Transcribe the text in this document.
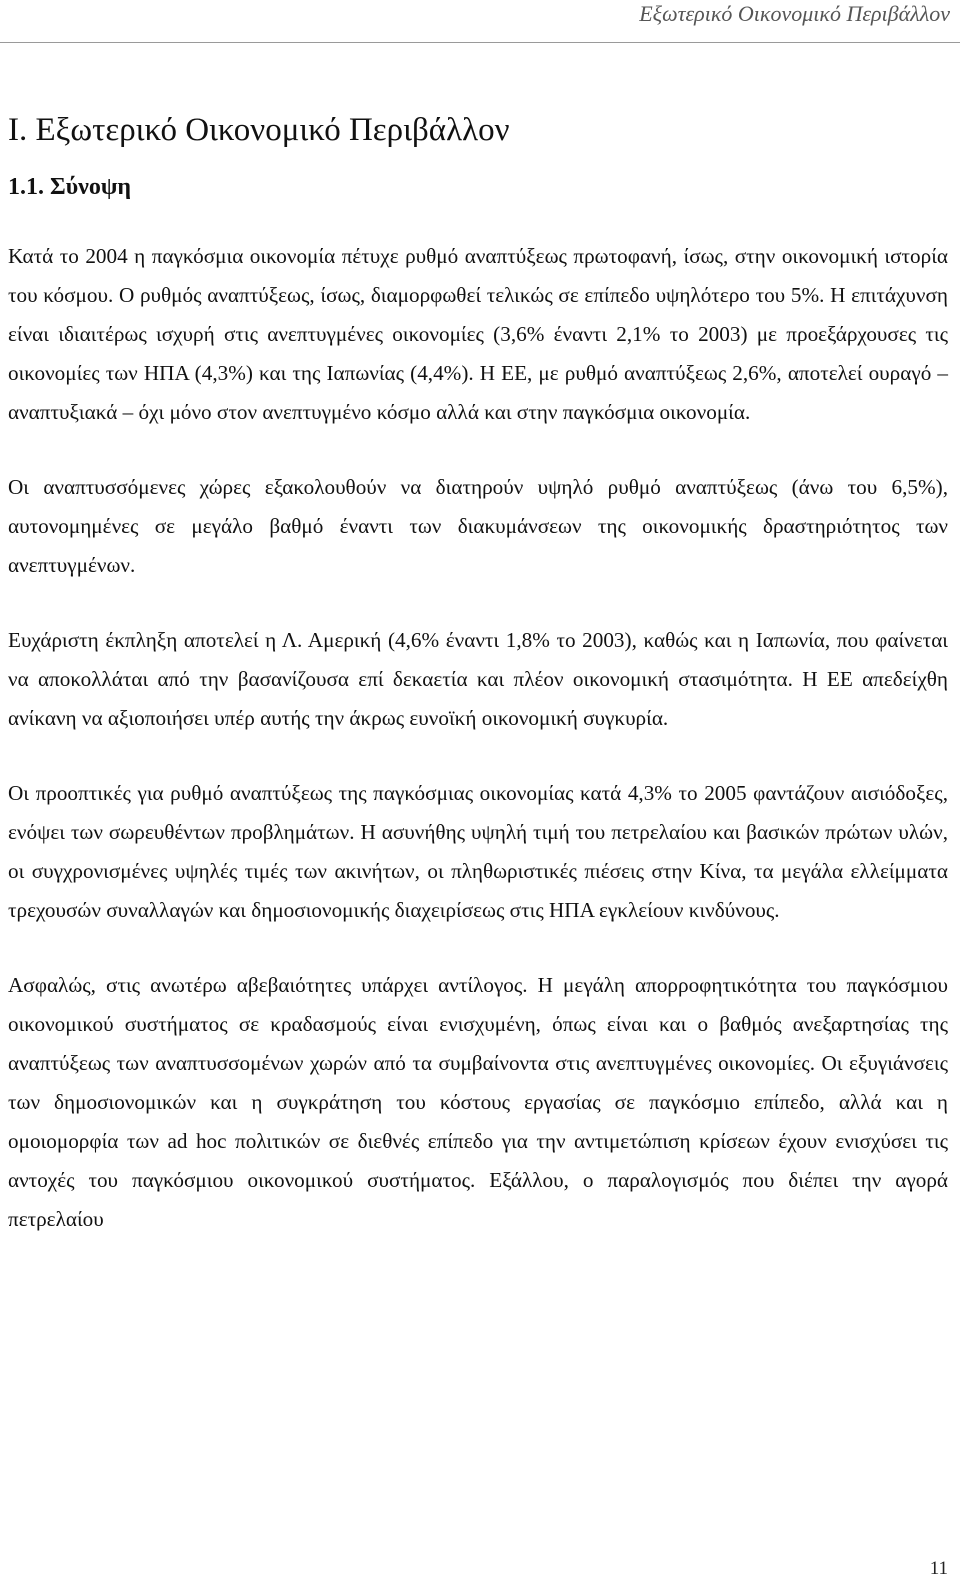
Εξωτερικό Οικονομικό Περιβάλλον
I. Εξωτερικό Οικονομικό Περιβάλλον
1.1. Σύνοψη

Κατά το 2004 η παγκόσμια οικονομία πέτυχε ρυθμό αναπτύξεως πρωτοφανή, ίσως, στην οικονομική ιστορία του κόσμου. Ο ρυθμός αναπτύξεως, ίσως, διαμορφωθεί τελικώς σε επίπεδο υψηλότερο του 5%. Η επιτάχυνση είναι ιδιαιτέρως ισχυρή στις ανεπτυγμένες οικονομίες (3,6% έναντι 2,1% το 2003) με προεξάρχουσες τις οικονομίες των ΗΠΑ (4,3%) και της Ιαπωνίας (4,4%). Η ΕΕ, με ρυθμό αναπτύξεως 2,6%, αποτελεί ουραγό – αναπτυξιακά – όχι μόνο στον ανεπτυγμένο κόσμο αλλά και στην παγκόσμια οικονομία.

Οι αναπτυσσόμενες χώρες εξακολουθούν να διατηρούν υψηλό ρυθμό αναπτύξεως (άνω του 6,5%), αυτονομημένες σε μεγάλο βαθμό έναντι των διακυμάνσεων της οικονομικής δραστηριότητος των ανεπτυγμένων.

Ευχάριστη έκπληξη αποτελεί η Λ. Αμερική (4,6% έναντι 1,8% το 2003), καθώς και η Ιαπωνία, που φαίνεται να αποκολλάται από την βασανίζουσα επί δεκαετία και πλέον οικονομική στασιμότητα. Η ΕΕ απεδείχθη ανίκανη να αξιοποιήσει υπέρ αυτής την άκρως ευνοϊκή οικονομική συγκυρία.

Οι προοπτικές για ρυθμό αναπτύξεως της παγκόσμιας οικονομίας κατά 4,3% το 2005 φαντάζουν αισιόδοξες, ενόψει των σωρευθέντων προβλημάτων. Η ασυνήθης υψηλή τιμή του πετρελαίου και βασικών πρώτων υλών, οι συγχρονισμένες υψηλές τιμές των ακινήτων, οι πληθωριστικές πιέσεις στην Κίνα, τα μεγάλα ελλείμματα τρεχουσών συναλλαγών και δημοσιονομικής διαχειρίσεως στις ΗΠΑ εγκλείουν κινδύνους.

Ασφαλώς, στις ανωτέρω αβεβαιότητες υπάρχει αντίλογος. Η μεγάλη απορροφητικότητα του παγκόσμιου οικονομικού συστήματος σε κραδασμούς είναι ενισχυμένη, όπως είναι και ο βαθμός ανεξαρτησίας της αναπτύξεως των αναπτυσσομένων χωρών από τα συμβαίνοντα στις ανεπτυγμένες οικονομίες. Οι εξυγιάνσεις των δημοσιονομικών και η συγκράτηση του κόστους εργασίας σε παγκόσμιο επίπεδο, αλλά και η ομοιομορφία των ad hoc πολιτικών σε διεθνές επίπεδο για την αντιμετώπιση κρίσεων έχουν ενισχύσει τις αντοχές του παγκόσμιου οικονομικού συστήματος. Εξάλλου, ο παραλογισμός που διέπει την αγορά πετρελαίου

11
